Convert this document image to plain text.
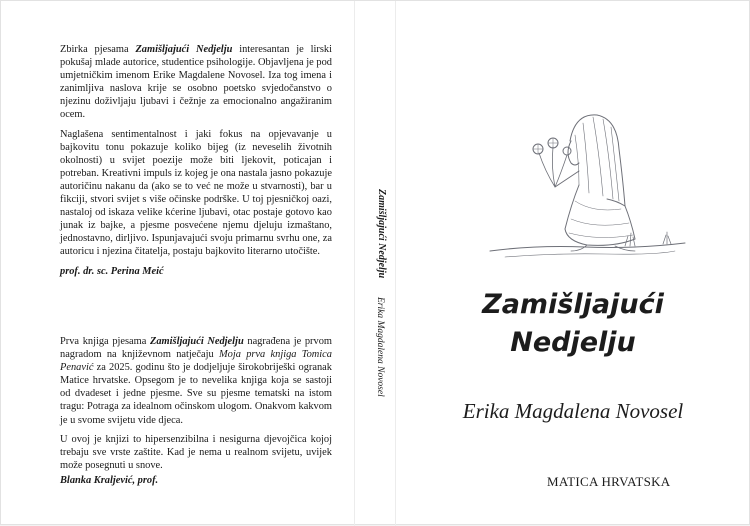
Zbirka pjesama Zamišljajući Nedjelju interesantan je lirski pokušaj mlade autorice, studentice psihologije. Objavljena je pod umjetničkim imenom Erike Magdalene Novosel. Iza tog imena i zanimljiva naslova krije se osobno poetsko svjedočanstvo o njezinu doživljaju ljubavi i čežnje za emocionalno angažiranim ocem.

Naglašena sentimentalnost i jaki fokus na opjevavanje u bajkovitu tonu pokazuje koliko bijeg (iz neveselih životnih okolnosti) u svijet poezije može biti ljekovit, poticajan i potreban. Kreativni impuls iz kojeg je ona nastala jasno pokazuje autoričinu nakanu da (ako se to već ne može u stvarnosti), bar u fikciji, stvori svijet s više očinske podrške. U toj pjesničkoj oazi, nastaloj od iskaza velike kćerine ljubavi, otac postaje gotovo kao junak iz bajke, a pjesme posvećene njemu djeluju izmaštano, jednostavno, dirljivo. Ispunjavajući svoju primarnu svrhu one, za autoricu i njezina čitatelja, postaju bajkovito literarno utočište.

prof. dr. sc. Perina Meić

Prva knjiga pjesama Zamišljajući Nedjelju nagrađena je prvom nagradom na književnom natječaju Moja prva knjiga Tomica Penavić za 2025. godinu što je dodjeljuje širokobriješki ogranak Matice hrvatske. Opsegom je to nevelika knjiga koja se sastoji od dvadeset i jedne pjesme. Sve su pjesme tematski na istom tragu: Potraga za idealnom očinskom ulogom. Onakvom kakvom je u svome svijetu vide djeca.

U ovoj je knjizi to hipersenzibilna i nesigurna djevojčica kojoj trebaju sve vrste zaštite. Kad je nema u realnom svijetu, uvijek može posegnuti u snove.

Blanka Kraljević, prof.

Zamišljajući Nedjelju
Erika Magdalena Novosel	Zamišljajući
Nedjelju
Erika Magdalena Novosel
MATICA HRVATSKA
